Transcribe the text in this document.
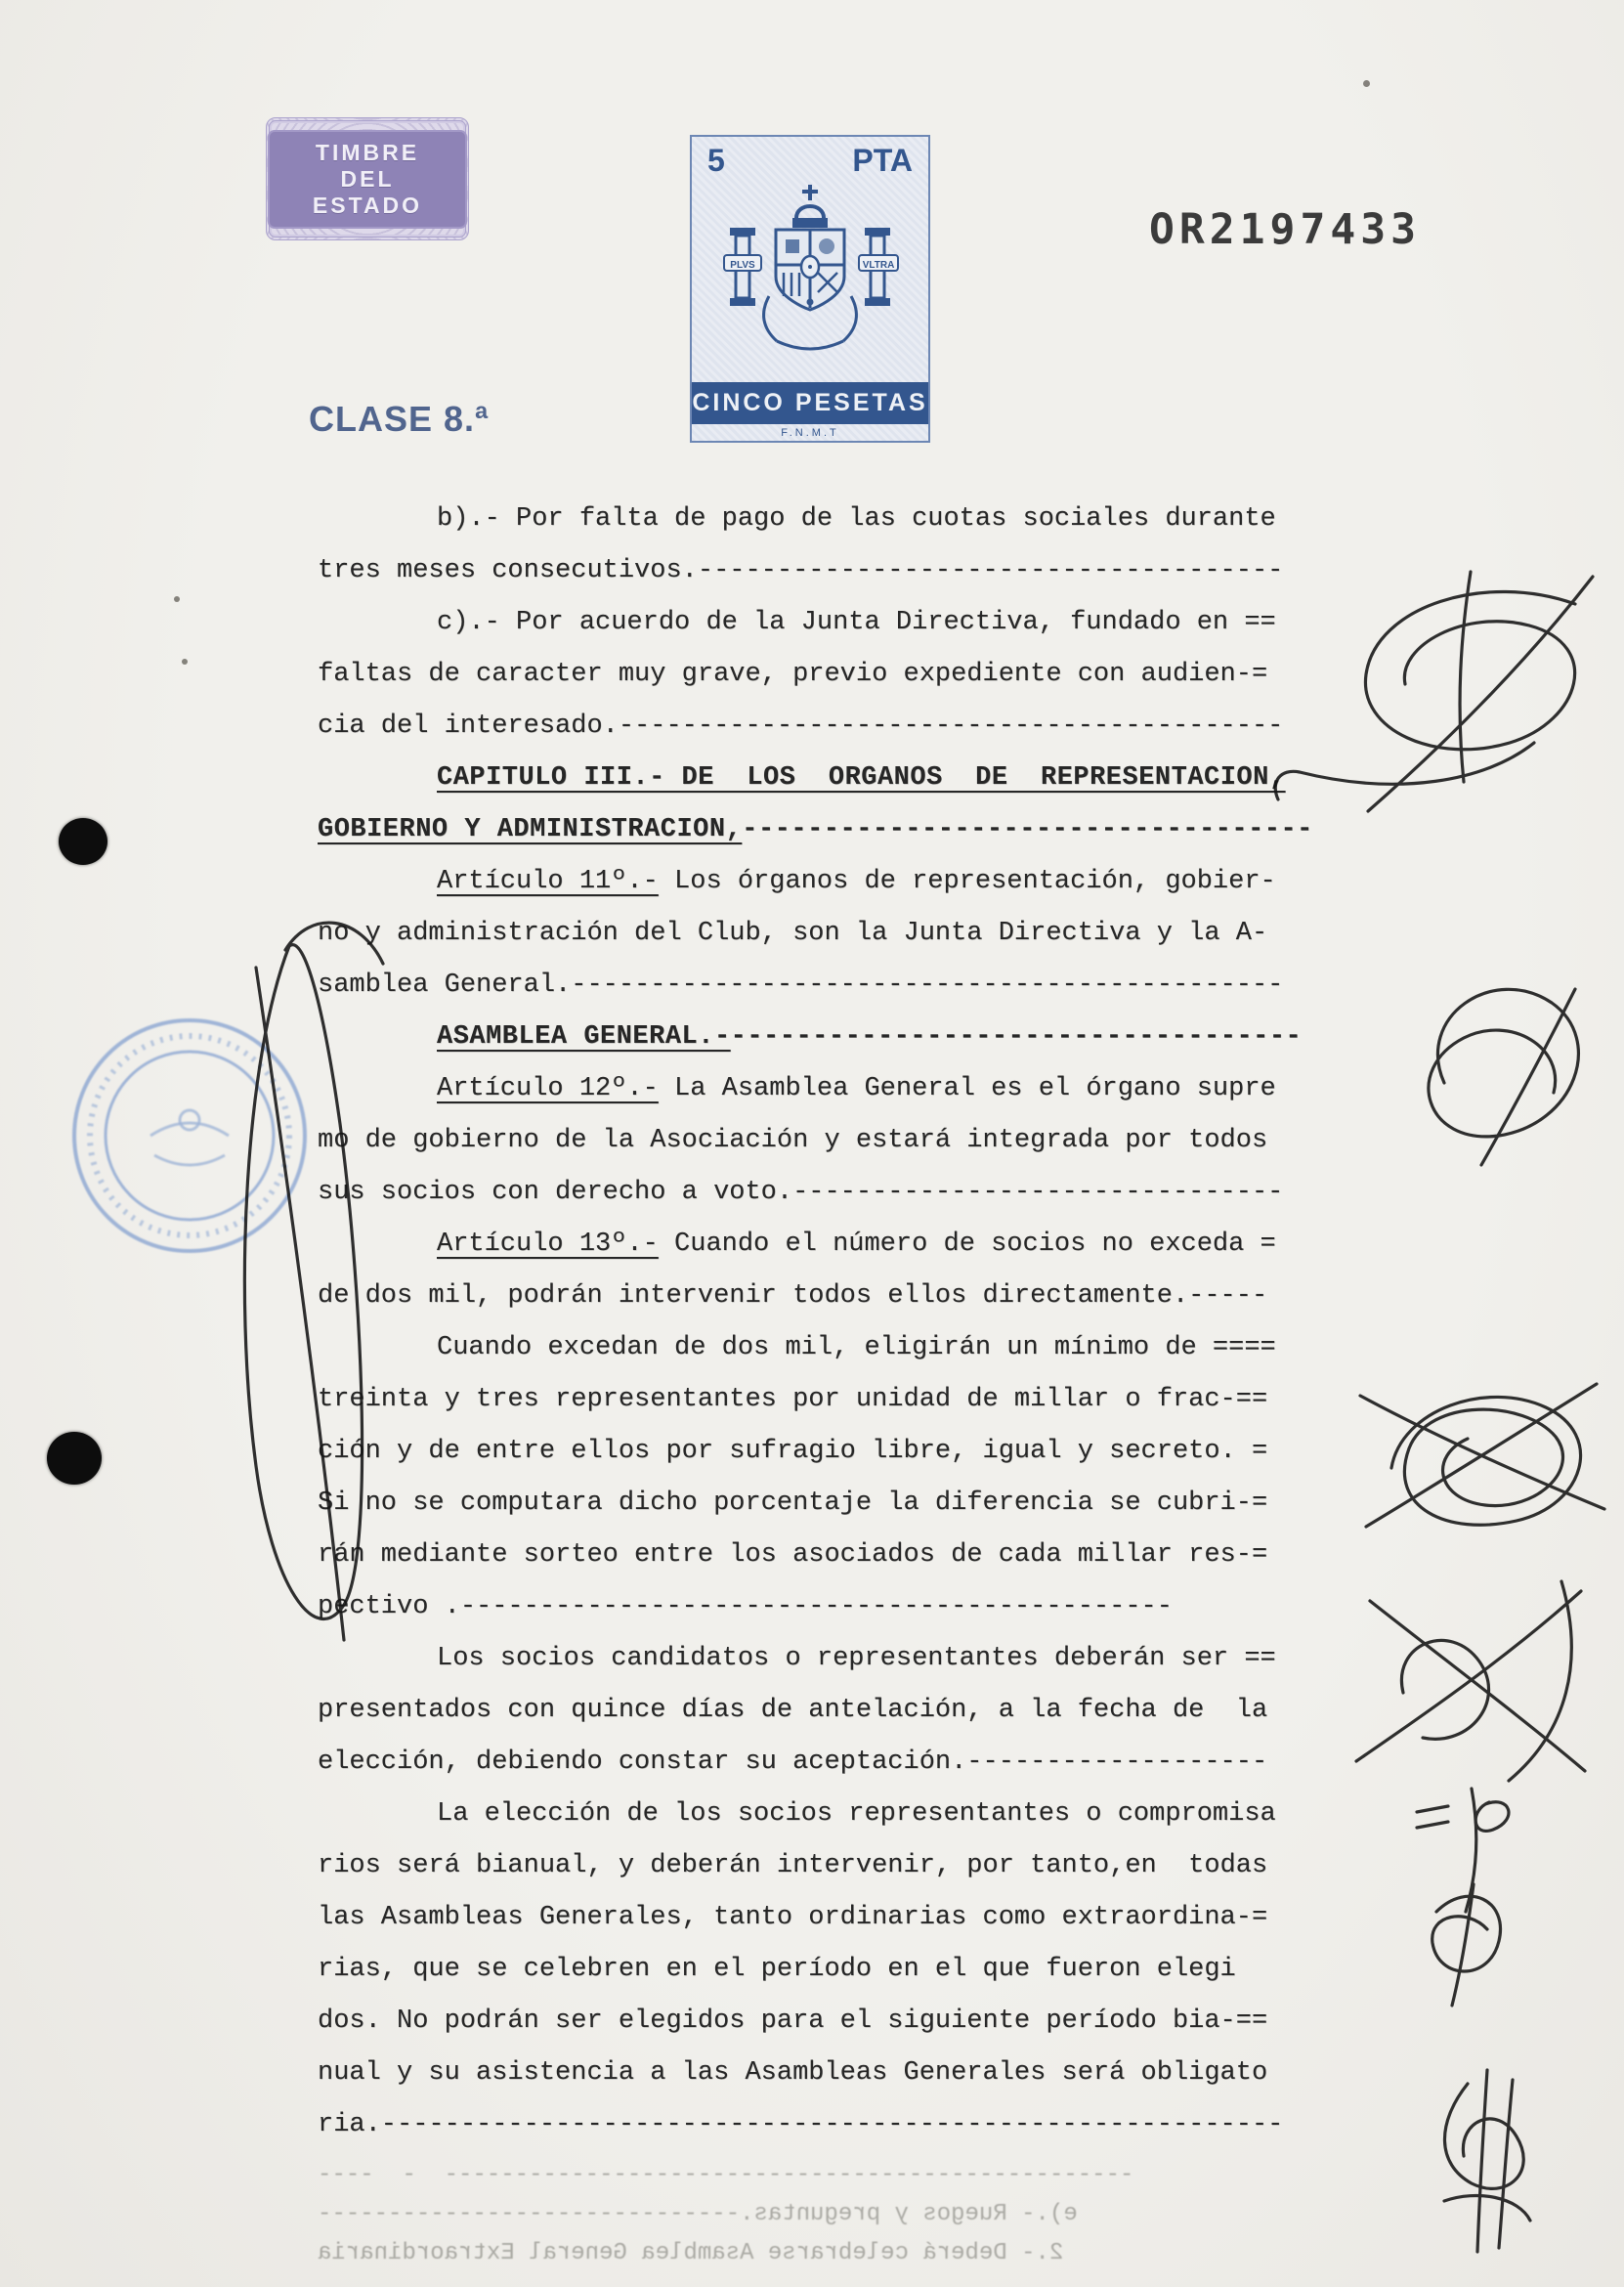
TIMBRE
DEL ESTADO
CLASE 8.ª
5	PTA
PLVS	VLTRA
CINCO PESETAS
F.N.M.T
OR2197433
b).- Por falta de pago de las cuotas sociales durante
tres meses consecutivos.-------------------------------------
c).- Por acuerdo de la Junta Directiva, fundado en ==
faltas de caracter muy grave, previo expediente con audien-=
cia del interesado.------------------------------------------
CAPITULO III.- DE  LOS  ORGANOS  DE  REPRESENTACION,
GOBIERNO Y ADMINISTRACION,-----------------------------------
Artículo 11º.- Los órganos de representación, gobier-
no y administración del Club, son la Junta Directiva y la A-
samblea General.---------------------------------------------
ASAMBLEA GENERAL.------------------------------------
Artículo 12º.- La Asamblea General es el órgano supre
mo de gobierno de la Asociación y estará integrada por todos
sus socios con derecho a voto.-------------------------------
Artículo 13º.- Cuando el número de socios no exceda =
de dos mil, podrán intervenir todos ellos directamente.-----
Cuando excedan de dos mil, eligirán un mínimo de ====
treinta y tres representantes por unidad de millar o frac-==
ción y de entre ellos por sufragio libre, igual y secreto. =
Si no se computara dicho porcentaje la diferencia se cubri-=
rán mediante sorteo entre los asociados de cada millar res-=
pectivo .---------------------------------------------
Los socios candidatos o representantes deberán ser ==
presentados con quince días de antelación, a la fecha de  la
elección, debiendo constar su aceptación.-------------------
La elección de los socios representantes o compromisa
rios será bianual, y deberán intervenir, por tanto,en  todas
las Asambleas Generales, tanto ordinarias como extraordina-=
rias, que se celebren en el período en el que fueron elegi
dos. No podrán ser elegidos para el siguiente período bia-==
nual y su asistencia a las Asambleas Generales será obligato
ria.---------------------------------------------------------
-------------------------------------------------  -  ----
e).- Ruegos y preguntas.------------------------------
2.- Deberá celebrarse Asamblea General Extraordinaria
